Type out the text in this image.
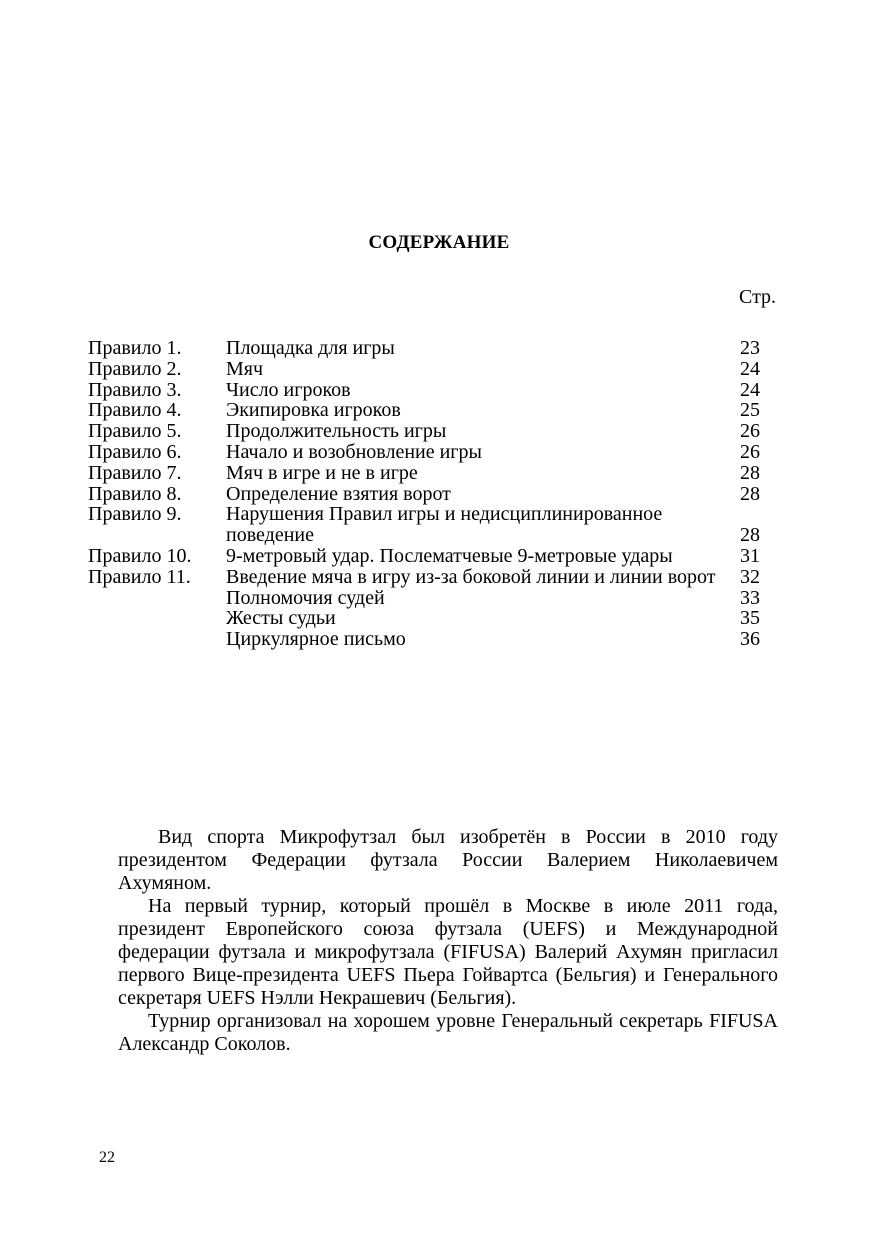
СОДЕРЖАНИЕ
Стр.
Правило 1.	Площадка для игры	23
Правило 2.	Мяч	24
Правило 3.	Число игроков	24
Правило 4.	Экипировка игроков	25
Правило 5.	Продолжительность игры	26
Правило 6.	Начало и возобновление игры	26
Правило 7.	Мяч в игре и не в игре	28
Правило 8.	Определение взятия ворот	28
Правило 9.	Нарушения Правил игры и недисциплинированное поведение	28
Правило 10.	9-метровый удар. Послематчевые 9-метровые удары	31
Правило 11.	Введение мяча в игру из-за боковой линии и линии ворот 32
Полномочия судей	33
Жесты судьи	35
Циркулярное письмо	36

Вид спорта Микрофутзал был изобретён в России в 2010 году президентом Федерации футзала России Валерием Николаевичем Ахумяном.

На первый турнир, который прошёл в Москве в июле 2011 года, президент Европейского союза футзала (UEFS) и Международной федерации футзала и микрофутзала (FIFUSA) Валерий Ахумян пригласил первого Вице-президента UEFS Пьера Гойвартса (Бельгия) и Генерального секретаря UEFS Нэлли Некрашевич (Бельгия).

Турнир организовал на хорошем уровне Генеральный секретарь FIFUSA Александр Соколов.

22
